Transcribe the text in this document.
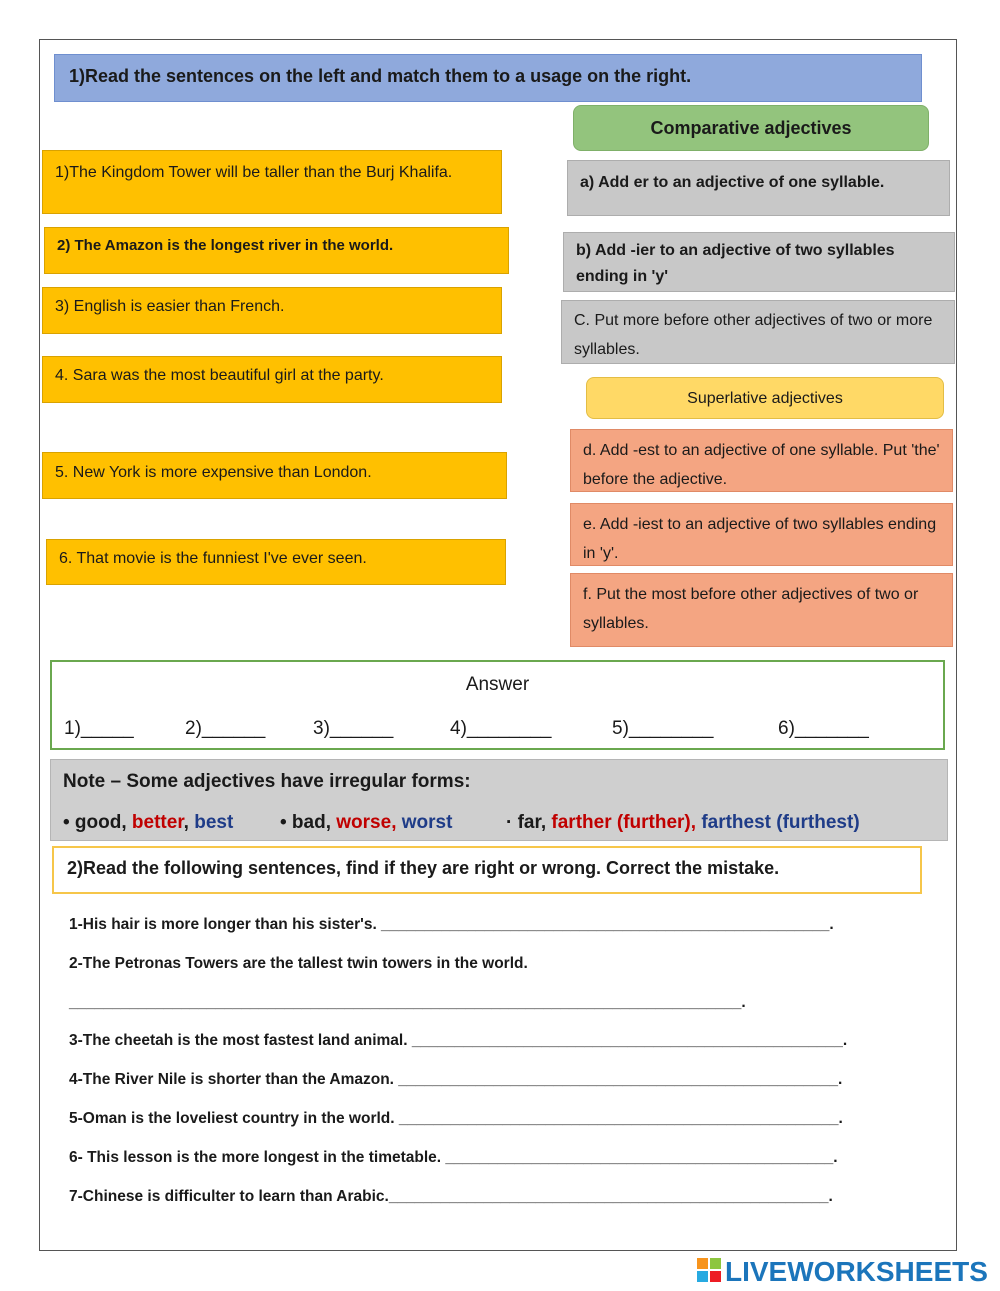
1)Read the sentences on the left and match them to a usage on the right.
Comparative adjectives
1)The Kingdom Tower will be taller than the Burj Khalifa.
2) The Amazon is the longest river in the world.
3) English is easier than French.
4. Sara was the most beautiful girl at the party.
5. New York is more expensive than London.
6. That movie is the funniest I've ever seen.
a) Add er to an adjective of one syllable.
b) Add -ier to an adjective of two syllables ending in 'y'
C. Put more before other adjectives of two or more syllables.
Superlative adjectives
d. Add -est to an adjective of one syllable. Put 'the' before the adjective.
e. Add -iest to an adjective of two syllables ending in 'y'.
f. Put the most before other adjectives of two or syllables.
Answer
1)_____	2)______	3)______	4)________	5)________	6)_______
Note – Some adjectives have irregular forms:
• good, better, best • bad, worse, worst	· far, farther (further), farthest (furthest)
2)Read the following sentences, find if they are right or wrong. Correct the mistake.
1-His hair is more longer than his sister's. ____________________________________________________.
2-The Petronas Towers are the tallest twin towers in the world.
______________________________________________________________________________.
3-The cheetah is the most fastest land animal. __________________________________________________.
4-The River Nile is shorter than the Amazon. ___________________________________________________.
5-Oman is the loveliest country in the world. ___________________________________________________.
6- This lesson is the more longest in the timetable. _____________________________________________.
7-Chinese is difficulter to learn than Arabic.___________________________________________________.
LIVEWORKSHEETS
